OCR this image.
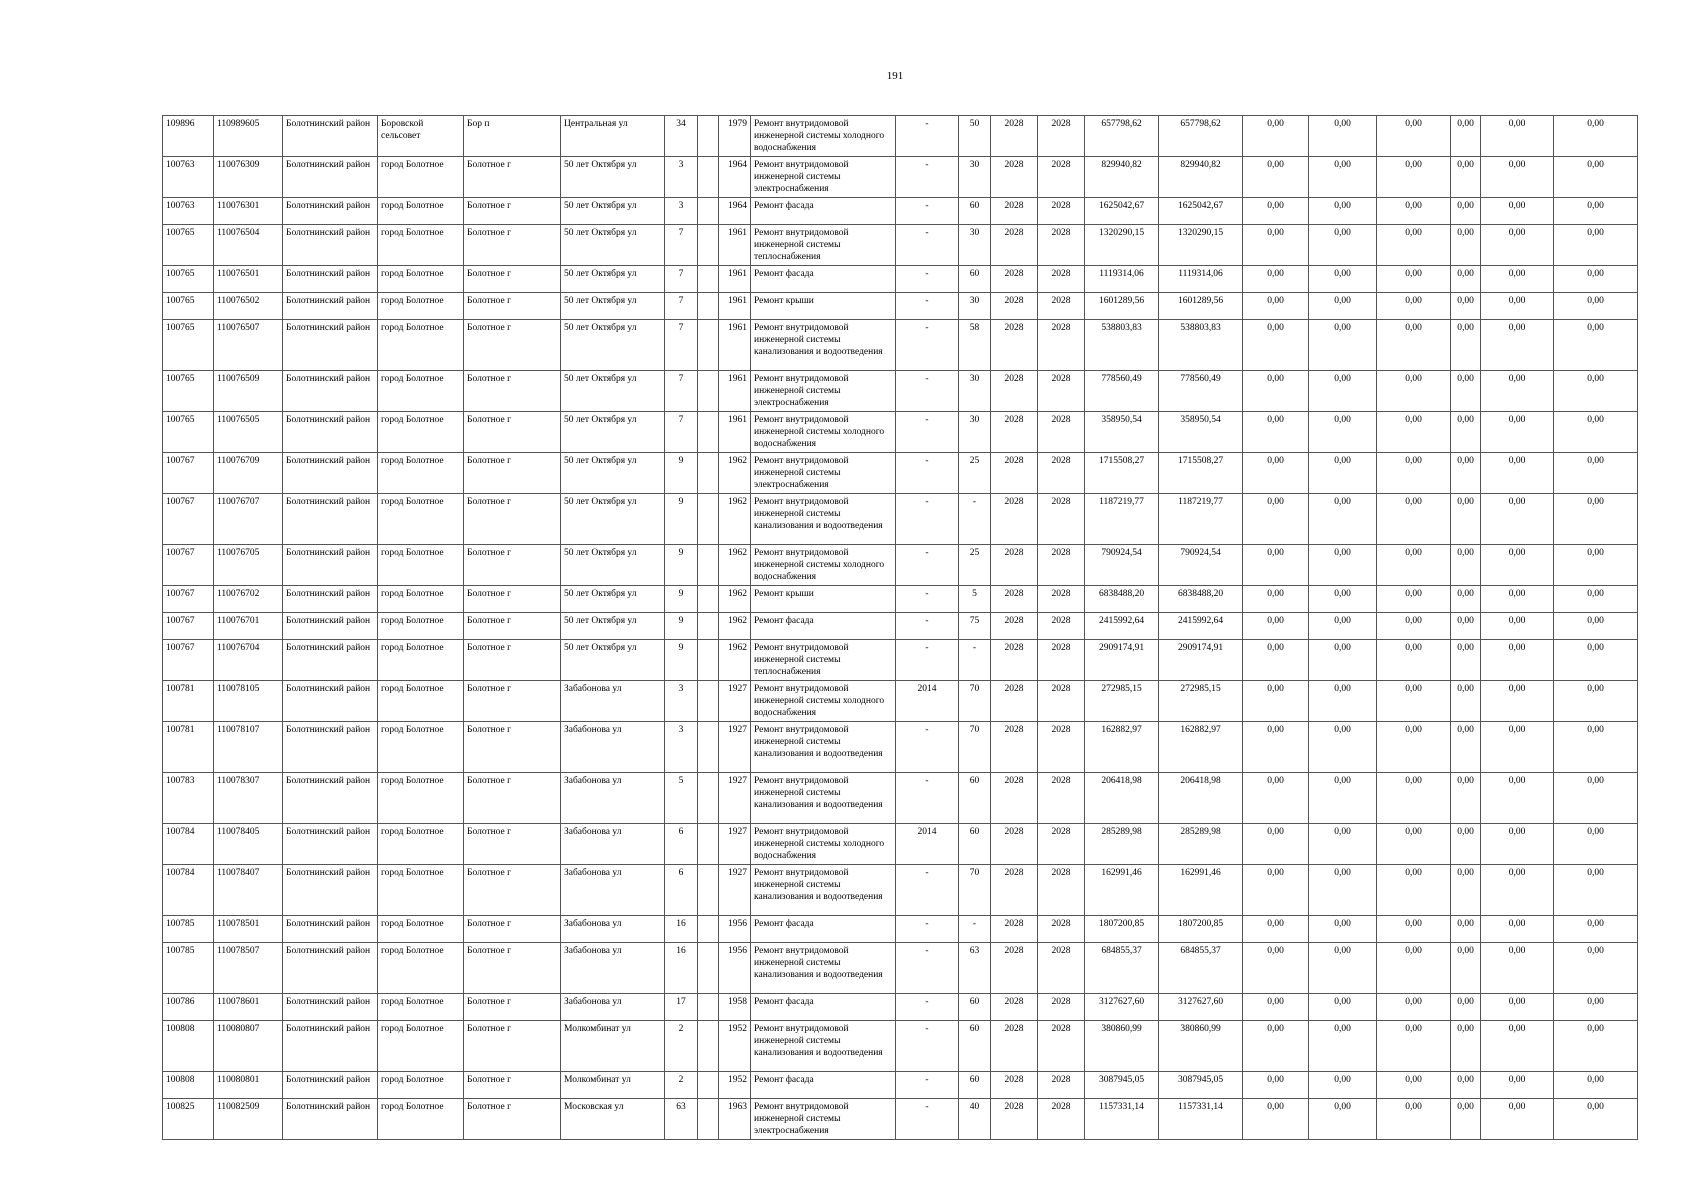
191
109896	110989605	Болотнинский район	Боровской сельсовет	Бор п	Центральная ул	34		1979	Ремонт внутридомовой инженерной системы холодного водоснабжения	-	50	2028	2028	657798,62	657798,62	0,00	0,00	0,00	0,00	0,00	0,00
100763	110076309	Болотнинский район	город Болотное	Болотное г	50 лет Октября ул	3		1964	Ремонт внутридомовой инженерной системы электроснабжения	-	30	2028	2028	829940,82	829940,82	0,00	0,00	0,00	0,00	0,00	0,00
100763	110076301	Болотнинский район	город Болотное	Болотное г	50 лет Октября ул	3		1964	Ремонт фасада	-	60	2028	2028	1625042,67	1625042,67	0,00	0,00	0,00	0,00	0,00	0,00
100765	110076504	Болотнинский район	город Болотное	Болотное г	50 лет Октября ул	7		1961	Ремонт внутридомовой инженерной системы теплоснабжения	-	30	2028	2028	1320290,15	1320290,15	0,00	0,00	0,00	0,00	0,00	0,00
100765	110076501	Болотнинский район	город Болотное	Болотное г	50 лет Октября ул	7		1961	Ремонт фасада	-	60	2028	2028	1119314,06	1119314,06	0,00	0,00	0,00	0,00	0,00	0,00
100765	110076502	Болотнинский район	город Болотное	Болотное г	50 лет Октября ул	7		1961	Ремонт крыши	-	30	2028	2028	1601289,56	1601289,56	0,00	0,00	0,00	0,00	0,00	0,00
100765	110076507	Болотнинский район	город Болотное	Болотное г	50 лет Октября ул	7		1961	Ремонт внутридомовой инженерной системы канализования и водоотведения	-	58	2028	2028	538803,83	538803,83	0,00	0,00	0,00	0,00	0,00	0,00
100765	110076509	Болотнинский район	город Болотное	Болотное г	50 лет Октября ул	7		1961	Ремонт внутридомовой инженерной системы электроснабжения	-	30	2028	2028	778560,49	778560,49	0,00	0,00	0,00	0,00	0,00	0,00
100765	110076505	Болотнинский район	город Болотное	Болотное г	50 лет Октября ул	7		1961	Ремонт внутридомовой инженерной системы холодного водоснабжения	-	30	2028	2028	358950,54	358950,54	0,00	0,00	0,00	0,00	0,00	0,00
100767	110076709	Болотнинский район	город Болотное	Болотное г	50 лет Октября ул	9		1962	Ремонт внутридомовой инженерной системы электроснабжения	-	25	2028	2028	1715508,27	1715508,27	0,00	0,00	0,00	0,00	0,00	0,00
100767	110076707	Болотнинский район	город Болотное	Болотное г	50 лет Октября ул	9		1962	Ремонт внутридомовой инженерной системы канализования и водоотведения	-	-	2028	2028	1187219,77	1187219,77	0,00	0,00	0,00	0,00	0,00	0,00
100767	110076705	Болотнинский район	город Болотное	Болотное г	50 лет Октября ул	9		1962	Ремонт внутридомовой инженерной системы холодного водоснабжения	-	25	2028	2028	790924,54	790924,54	0,00	0,00	0,00	0,00	0,00	0,00
100767	110076702	Болотнинский район	город Болотное	Болотное г	50 лет Октября ул	9		1962	Ремонт крыши	-	5	2028	2028	6838488,20	6838488,20	0,00	0,00	0,00	0,00	0,00	0,00
100767	110076701	Болотнинский район	город Болотное	Болотное г	50 лет Октября ул	9		1962	Ремонт фасада	-	75	2028	2028	2415992,64	2415992,64	0,00	0,00	0,00	0,00	0,00	0,00
100767	110076704	Болотнинский район	город Болотное	Болотное г	50 лет Октября ул	9		1962	Ремонт внутридомовой инженерной системы теплоснабжения	-	-	2028	2028	2909174,91	2909174,91	0,00	0,00	0,00	0,00	0,00	0,00
100781	110078105	Болотнинский район	город Болотное	Болотное г	Забабонова ул	3		1927	Ремонт внутридомовой инженерной системы холодного водоснабжения	2014	70	2028	2028	272985,15	272985,15	0,00	0,00	0,00	0,00	0,00	0,00
100781	110078107	Болотнинский район	город Болотное	Болотное г	Забабонова ул	3		1927	Ремонт внутридомовой инженерной системы канализования и водоотведения	-	70	2028	2028	162882,97	162882,97	0,00	0,00	0,00	0,00	0,00	0,00
100783	110078307	Болотнинский район	город Болотное	Болотное г	Забабонова ул	5		1927	Ремонт внутридомовой инженерной системы канализования и водоотведения	-	60	2028	2028	206418,98	206418,98	0,00	0,00	0,00	0,00	0,00	0,00
100784	110078405	Болотнинский район	город Болотное	Болотное г	Забабонова ул	6		1927	Ремонт внутридомовой инженерной системы холодного водоснабжения	2014	60	2028	2028	285289,98	285289,98	0,00	0,00	0,00	0,00	0,00	0,00
100784	110078407	Болотнинский район	город Болотное	Болотное г	Забабонова ул	6		1927	Ремонт внутридомовой инженерной системы канализования и водоотведения	-	70	2028	2028	162991,46	162991,46	0,00	0,00	0,00	0,00	0,00	0,00
100785	110078501	Болотнинский район	город Болотное	Болотное г	Забабонова ул	16		1956	Ремонт фасада	-	-	2028	2028	1807200,85	1807200,85	0,00	0,00	0,00	0,00	0,00	0,00
100785	110078507	Болотнинский район	город Болотное	Болотное г	Забабонова ул	16		1956	Ремонт внутридомовой инженерной системы канализования и водоотведения	-	63	2028	2028	684855,37	684855,37	0,00	0,00	0,00	0,00	0,00	0,00
100786	110078601	Болотнинский район	город Болотное	Болотное г	Забабонова ул	17		1958	Ремонт фасада	-	60	2028	2028	3127627,60	3127627,60	0,00	0,00	0,00	0,00	0,00	0,00
100808	110080807	Болотнинский район	город Болотное	Болотное г	Молкомбинат ул	2		1952	Ремонт внутридомовой инженерной системы канализования и водоотведения	-	60	2028	2028	380860,99	380860,99	0,00	0,00	0,00	0,00	0,00	0,00
100808	110080801	Болотнинский район	город Болотное	Болотное г	Молкомбинат ул	2		1952	Ремонт фасада	-	60	2028	2028	3087945,05	3087945,05	0,00	0,00	0,00	0,00	0,00	0,00
100825	110082509	Болотнинский район	город Болотное	Болотное г	Московская ул	63		1963	Ремонт внутридомовой инженерной системы электроснабжения	-	40	2028	2028	1157331,14	1157331,14	0,00	0,00	0,00	0,00	0,00	0,00
